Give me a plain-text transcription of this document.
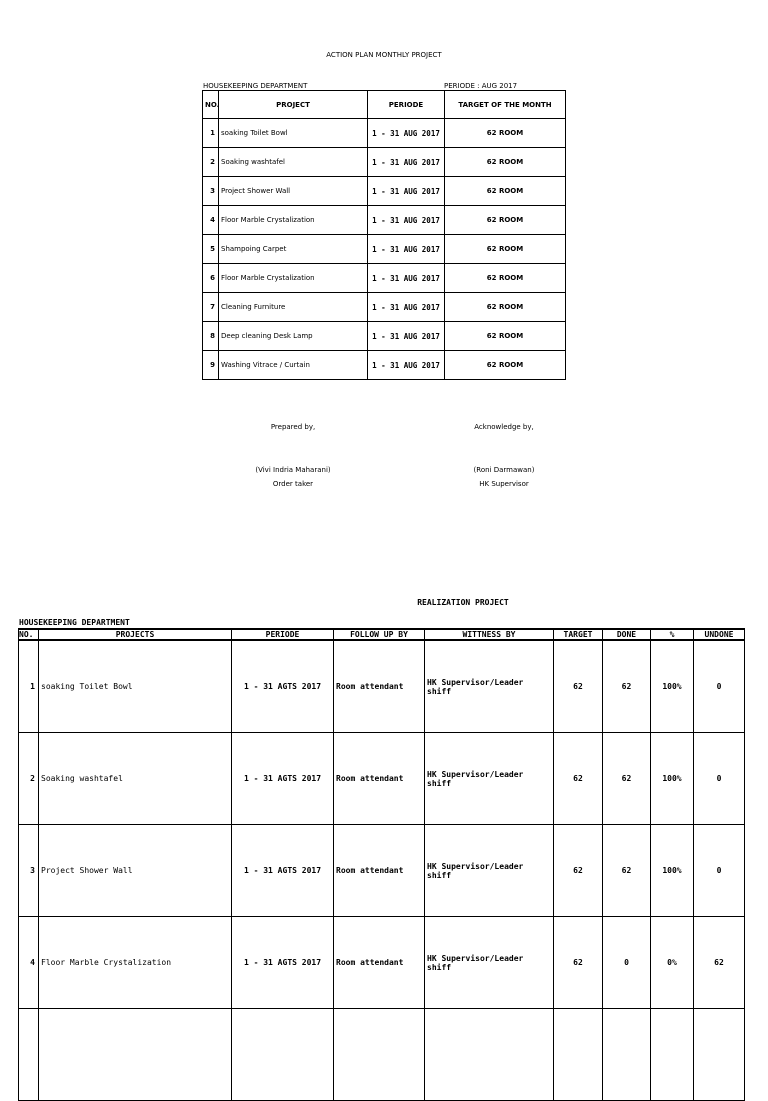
ACTION PLAN MONTHLY PROJECT
HOUSEKEEPING DEPARTMENT	PERIODE : AUG 2017
NO.	PROJECT	PERIODE	TARGET OF THE MONTH
1	soaking Toilet Bowl	1 - 31 AUG 2017	62 ROOM
2	Soaking washtafel	1 - 31 AUG 2017	62 ROOM
3	Project Shower Wall	1 - 31 AUG 2017	62 ROOM
4	Floor Marble Crystalization	1 - 31 AUG 2017	62 ROOM
5	Shampoing Carpet	1 - 31 AUG 2017	62 ROOM
6	Floor Marble Crystalization	1 - 31 AUG 2017	62 ROOM
7	Cleaning Furniture	1 - 31 AUG 2017	62 ROOM
8	Deep cleaning Desk Lamp	1 - 31 AUG 2017	62 ROOM
9	Washing Vitrace / Curtain	1 - 31 AUG 2017	62 ROOM
Prepared by,
(Vivi Indria Maharani)
Order taker
Acknowledge by,
(Roni Darmawan)
HK Supervisor
REALIZATION PROJECT
HOUSEKEEPING DEPARTMENT
NO.	PROJECTS	PERIODE	FOLLOW UP BY	WITTNESS BY	TARGET	DONE	%	UNDONE
1	soaking Toilet Bowl	1 - 31 AGTS 2017	Room attendant	HK Supervisor/Leader shiff	62	62	100%	0
2	Soaking washtafel	1 - 31 AGTS 2017	Room attendant	HK Supervisor/Leader shiff	62	62	100%	0
3	Project Shower Wall	1 - 31 AGTS 2017	Room attendant	HK Supervisor/Leader shiff	62	62	100%	0
4	Floor Marble Crystalization	1 - 31 AGTS 2017	Room attendant	HK Supervisor/Leader shiff	62	0	0%	62
